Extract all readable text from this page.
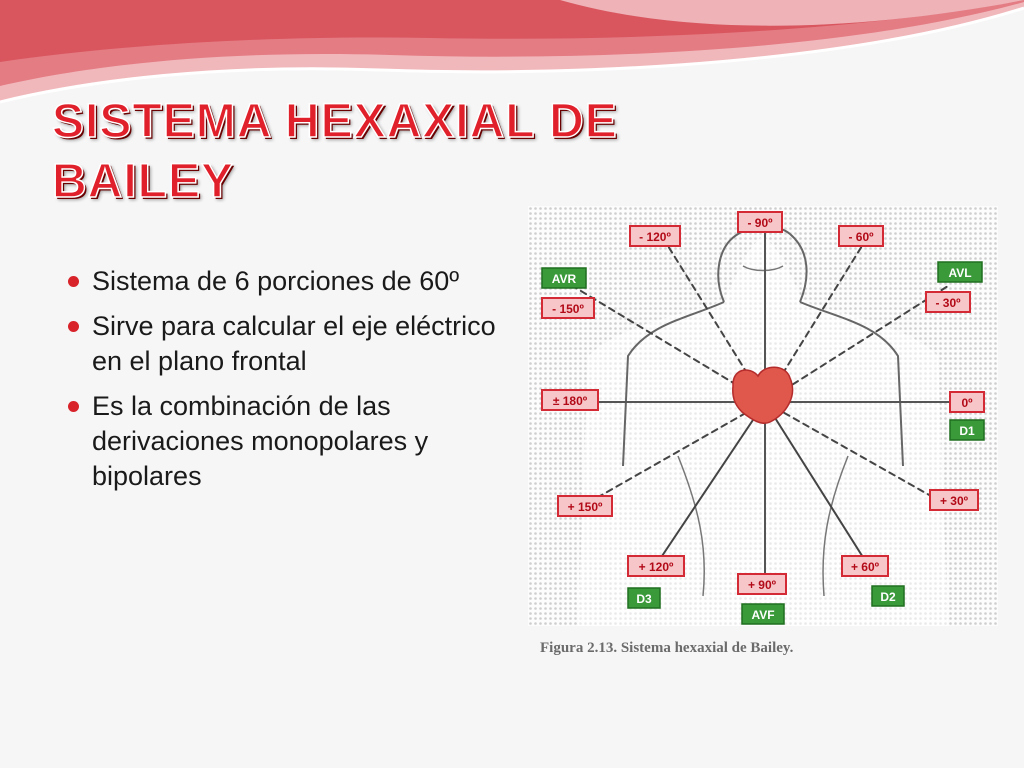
SISTEMA HEXAXIAL DE BAILEY
Sistema de 6 porciones de 60º
Sirve para calcular el eje eléctrico en el plano frontal
Es la combinación de las derivaciones monopolares y bipolares
- 90º
- 120º	- 60º
- 150º	- 30º
± 180º	0º
+ 150º	+ 30º
+ 120º	+ 60º
+ 90º
AVR	AVL
D1
D3
AVF
D2
Figura 2.13. Sistema hexaxial de Bailey.
